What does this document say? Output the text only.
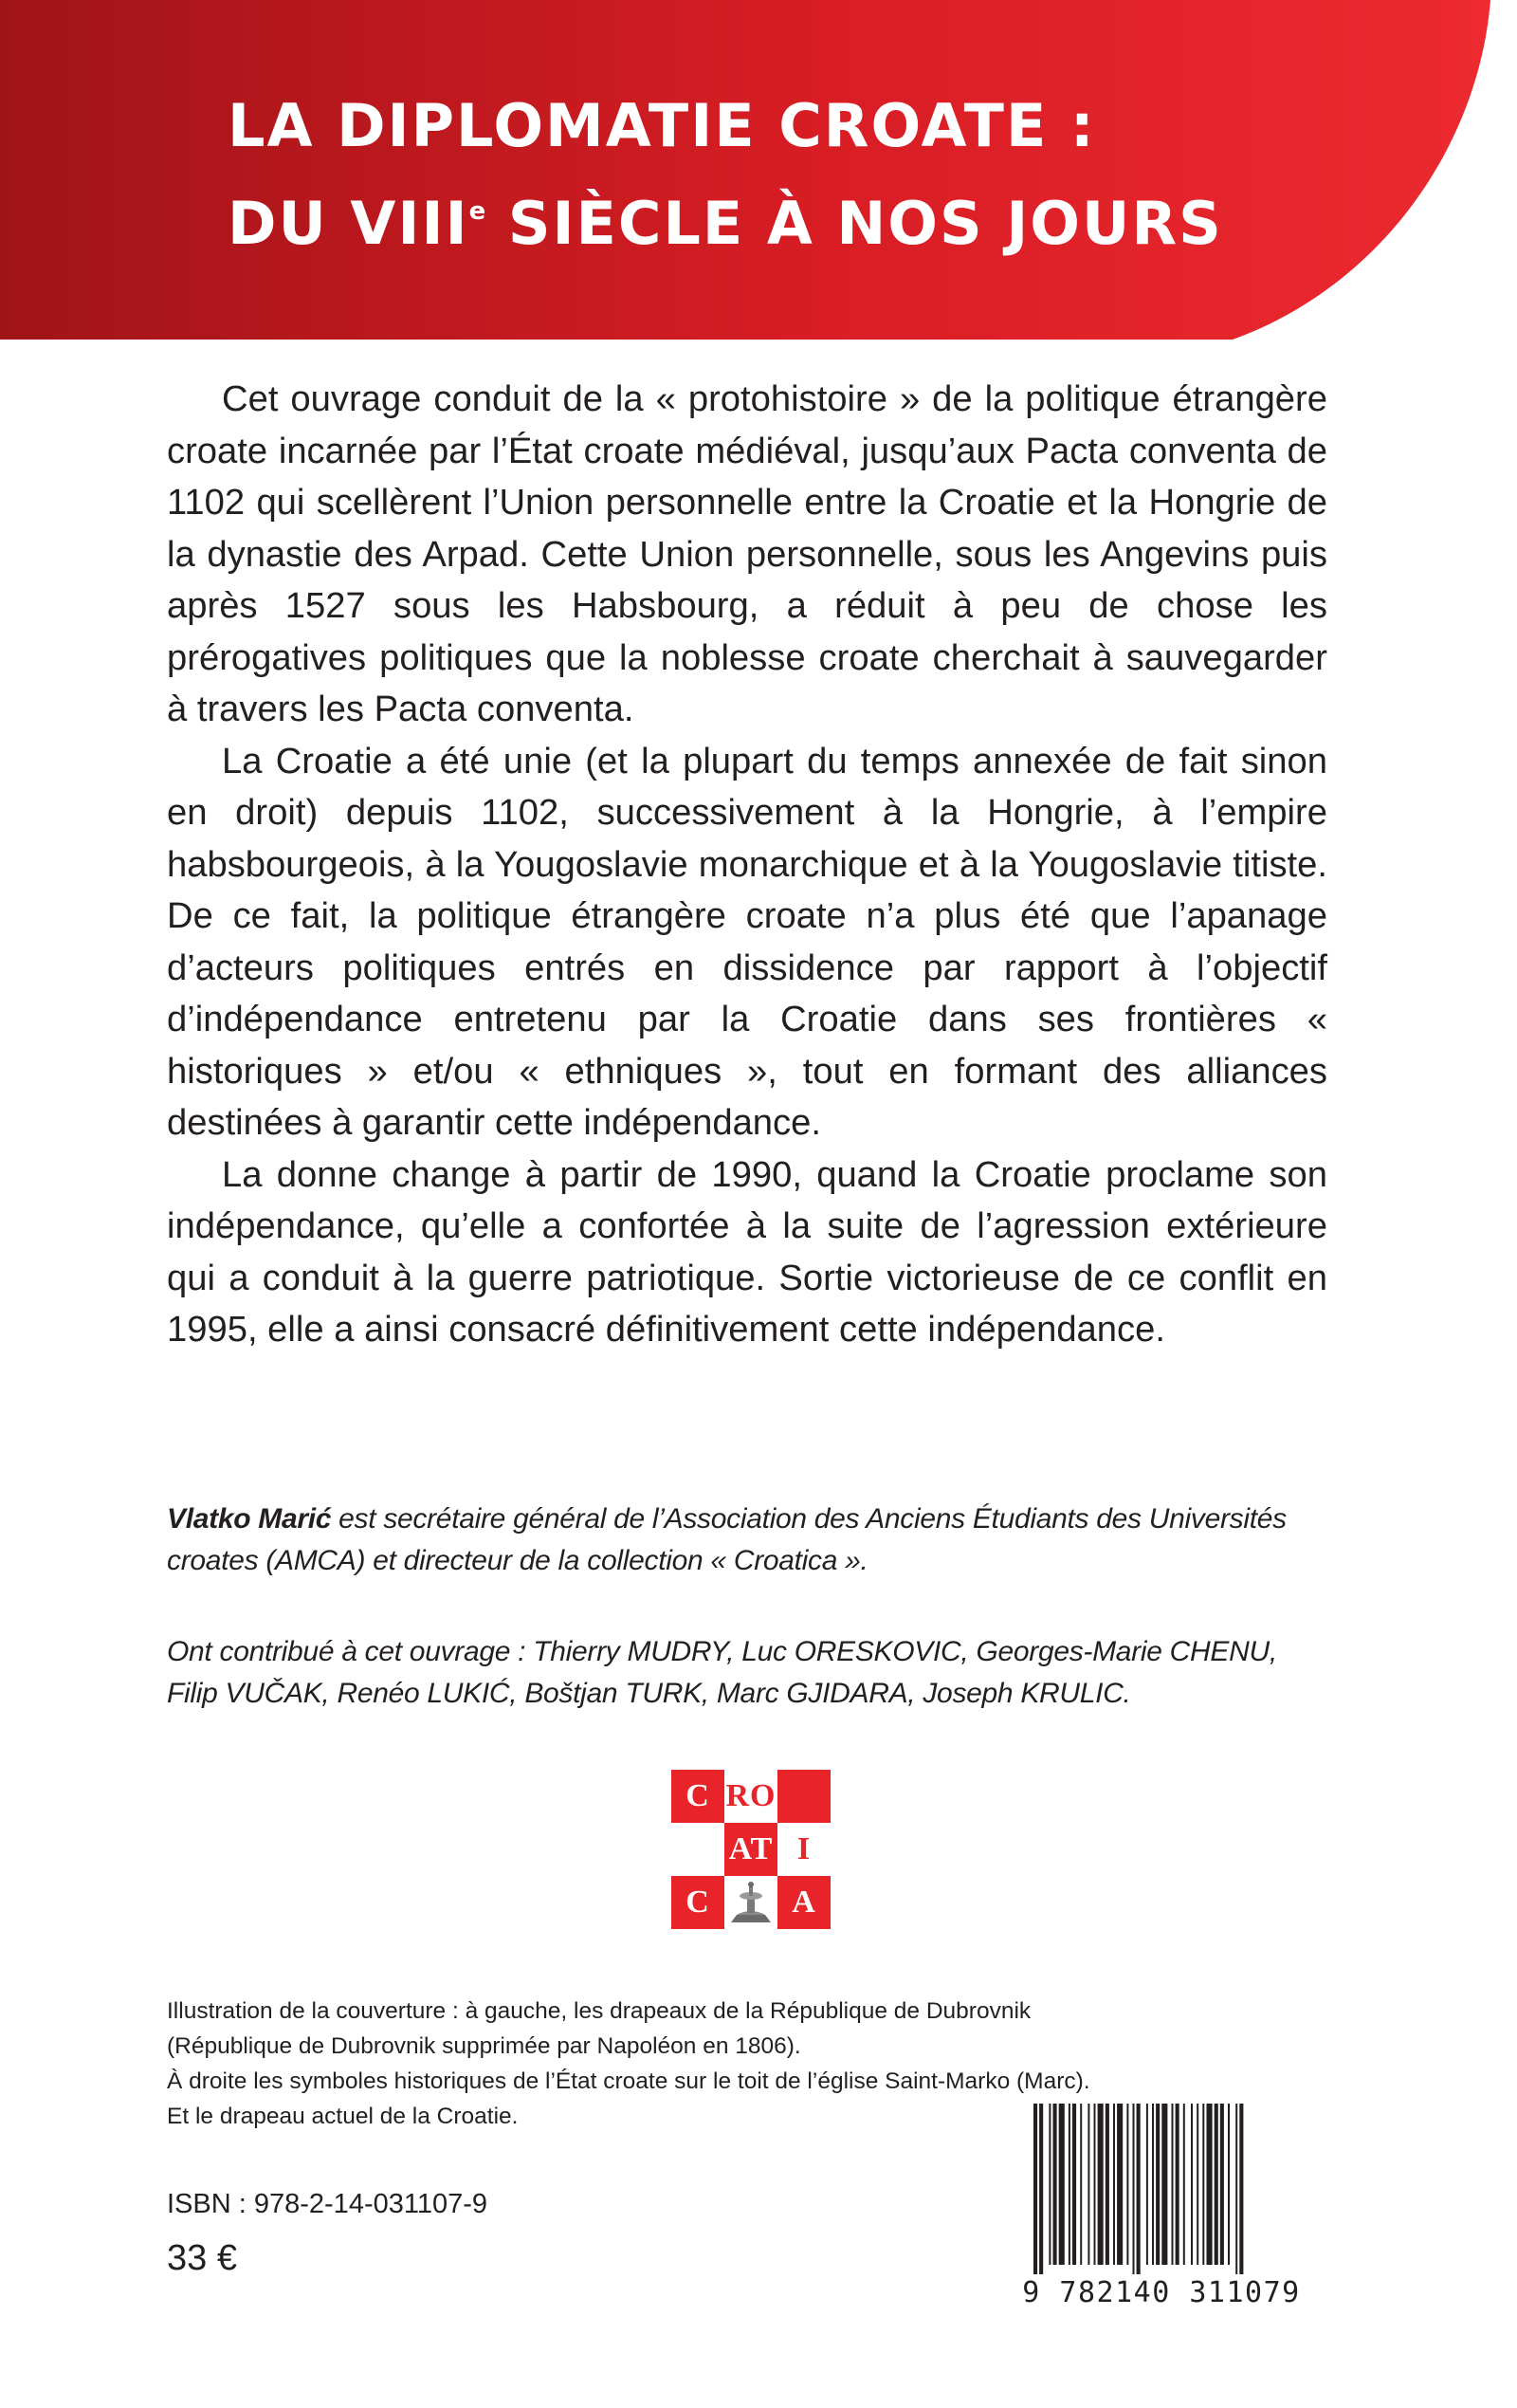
LA DIPLOMATIE CROATE :
DU VIIIe SIÈCLE À NOS JOURS

Cet ouvrage conduit de la « protohistoire » de la politique étrangère croate incarnée par l’État croate médiéval, jusqu’aux Pacta conventa de 1102 qui scellèrent l’Union personnelle entre la Croatie et la Hongrie de la dynastie des Arpad. Cette Union personnelle, sous les Angevins puis après 1527 sous les Habsbourg, a réduit à peu de chose les prérogatives politiques que la noblesse croate cherchait à sauvegarder à travers les Pacta conventa.

La Croatie a été unie (et la plupart du temps annexée de fait sinon en droit) depuis 1102, successivement à la Hongrie, à l’empire habsbourgeois, à la Yougoslavie monarchique et à la Yougoslavie titiste. De ce fait, la politique étrangère croate n’a plus été que l’apanage d’acteurs politiques entrés en dissidence par rapport à l’objectif d’indépendance entretenu par la Croatie dans ses frontières « historiques » et/ou « ethniques », tout en formant des alliances destinées à garantir cette indépendance.

La donne change à partir de 1990, quand la Croatie proclame son indépendance, qu’elle a confortée à la suite de l’agression extérieure qui a conduit à la guerre patriotique. Sortie victorieuse de ce conflit en 1995, elle a ainsi consacré définitivement cette indépendance.

Vlatko Marić est secrétaire général de l’Association des Anciens Étudiants des Universités croates (AMCA) et directeur de la collection « Croatica ».

Ont contribué à cet ouvrage : Thierry MUDRY, Luc ORESKOVIC, Georges-Marie CHENU, Filip VUČAK, Renéo LUKIĆ, Boštjan TURK, Marc GJIDARA, Joseph KRULIC.

C RO
AT I
C	A
Illustration de la couverture : à gauche, les drapeaux de la République de Dubrovnik
(République de Dubrovnik supprimée par Napoléon en 1806).
À droite les symboles historiques de l’État croate sur le toit de l’église Saint-Marko (Marc).
Et le drapeau actuel de la Croatie.
ISBN : 978-2-14-031107-9
33 €
9 782140 311079
